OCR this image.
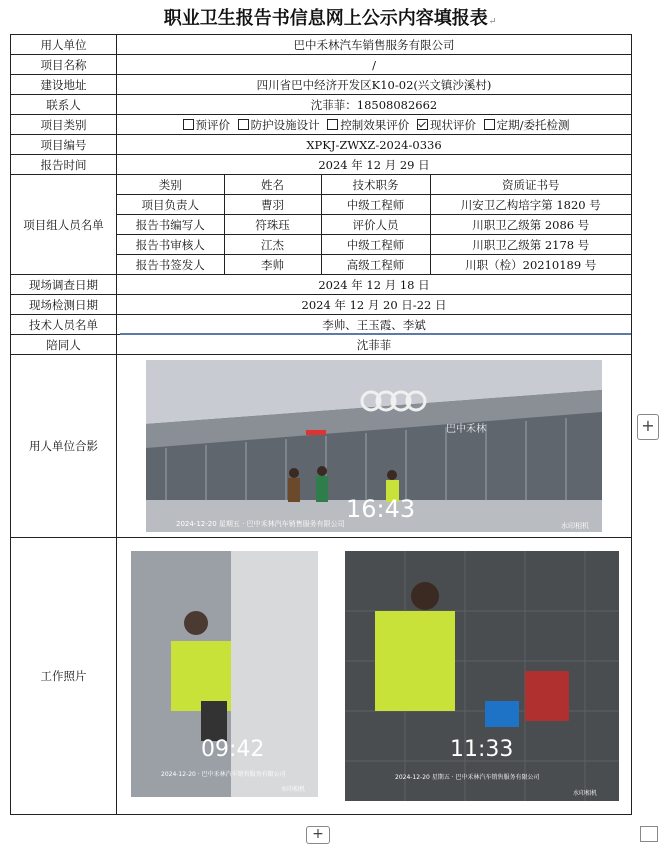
职业卫生报告书信息网上公示内容填报表↵
用人单位	巴中禾林汽车销售服务有限公司
项目名称	/
建设地址	四川省巴中经济开发区K10-02(兴文镇沙溪村)
联系人	沈菲菲：18508082662
项目类别	预评价 防护设施设计 控制效果评价 现状评价 定期/委托检测
项目编号	XPKJ-ZWXZ-2024-0336
报告时间	2024 年 12 月 29 日
项目组人员名单	
类别	姓名	技术职务	资质证书号
项目负责人	曹羽	中级工程师	川安卫乙构培字第 1820 号
报告书编写人	符珠珏	评价人员	川职卫乙级第 2086 号
报告书审核人	江杰	中级工程师	川职卫乙级第 2178 号
报告书签发人	李帅	高级工程师	川职（检）20210189 号

现场调查日期	2024 年 12 月 18 日
现场检测日期	2024 年 12 月 20 日-22 日
技术人员名单	李帅、王玉霞、李斌
陪同人	沈菲菲
用人单位合影	
巴中禾林
16:43
2024-12-20 星期五 · 巴中禾林汽车销售服务有限公司	水印相机

工作照片	
09:42
2024-12-20 · 巴中禾林汽车销售服务有限公司
水印相机
11:33
2024-12-20 星期五 · 巴中禾林汽车销售服务有限公司
水印相机
+
+
